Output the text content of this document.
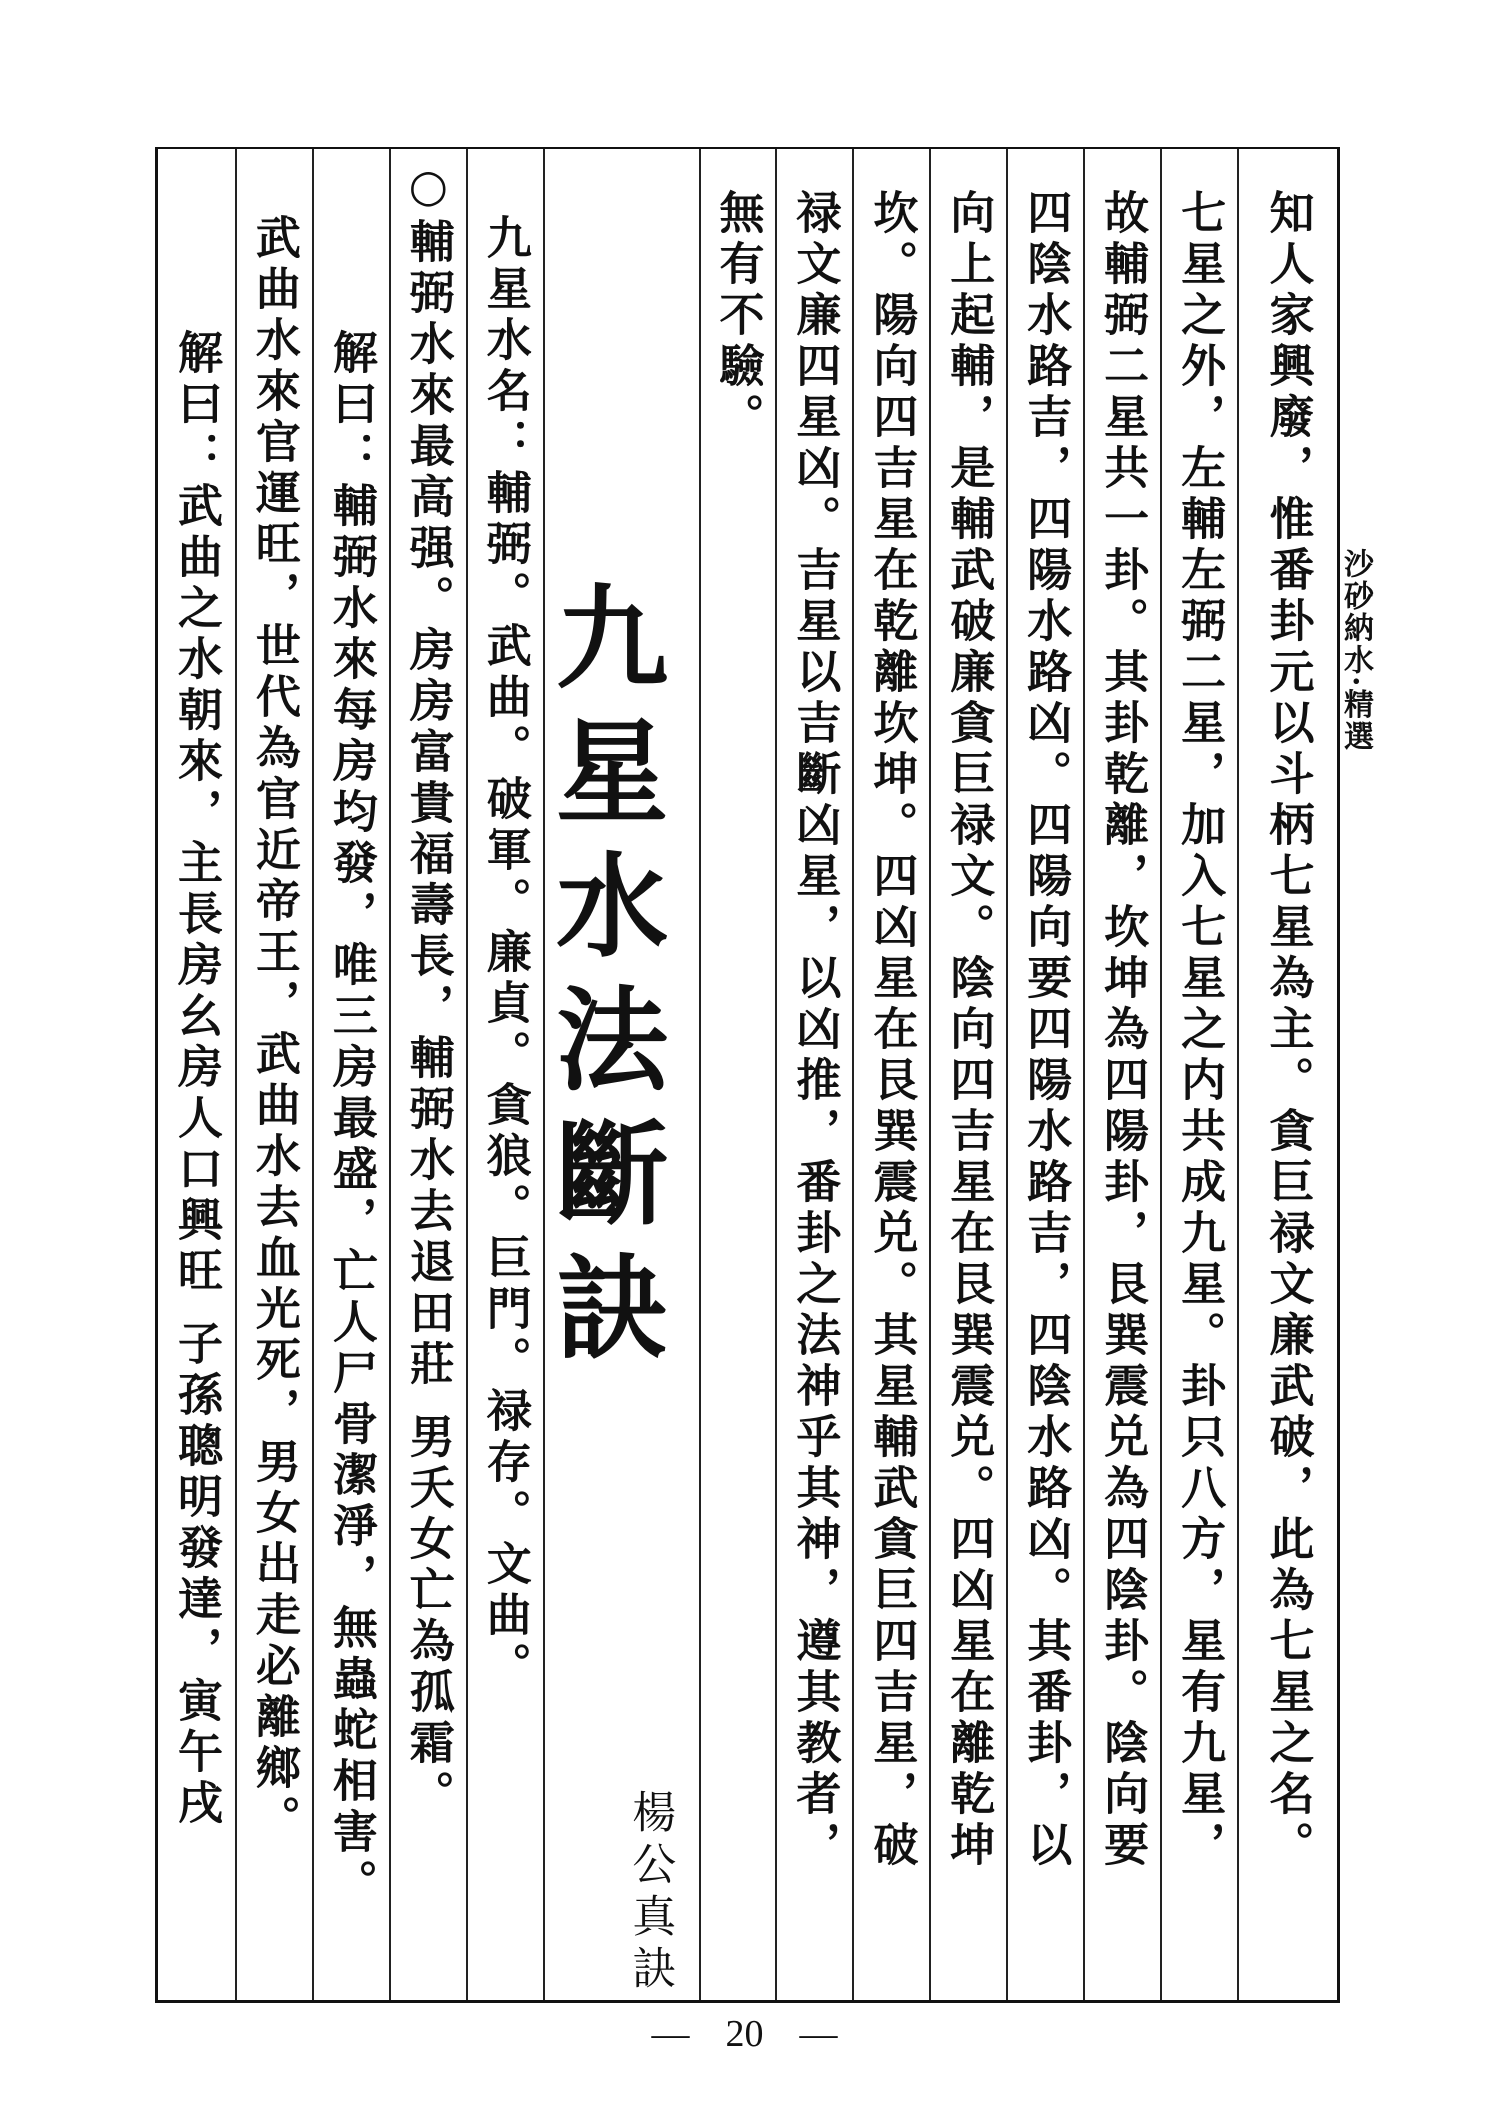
沙砂納水·精選
知人家興廢，惟番卦元以斗柄七星為主。貪巨禄文廉武破，此為七星之名。
七星之外，左輔左弼二星，加入七星之内共成九星。卦只八方，星有九星，
故輔弼二星共一卦。其卦乾離，坎坤為四陽卦，艮巽震兑為四陰卦。陰向要
四陰水路吉，四陽水路凶。四陽向要四陽水路吉，四陰水路凶。其番卦，以
向上起輔，是輔武破廉貪巨禄文。陰向四吉星在艮巽震兑。四凶星在離乾坤
坎。陽向四吉星在乾離坎坤。四凶星在艮巽震兑。其星輔武貪巨四吉星，破
禄文廉四星凶。吉星以吉斷凶星，以凶推，番卦之法神乎其神，遵其教者，
無有不驗。
九星水法斷訣
楊公真訣
九星水名：輔弼。武曲。破軍。廉貞。貪狼。巨門。禄存。文曲。
○輔弼水來最高强。房房富貴福壽長，輔弼水去退田莊 男夭女亡為孤霜。
解曰：輔弼水來每房均發，唯三房最盛，亡人尸骨潔淨，無蟲蛇相害。
武曲水來官運旺，世代為官近帝王，武曲水去血光死，男女出走必離鄉。
解曰：武曲之水朝來，主長房幺房人口興旺 子孫聰明發達，寅午戌
— 20 —
